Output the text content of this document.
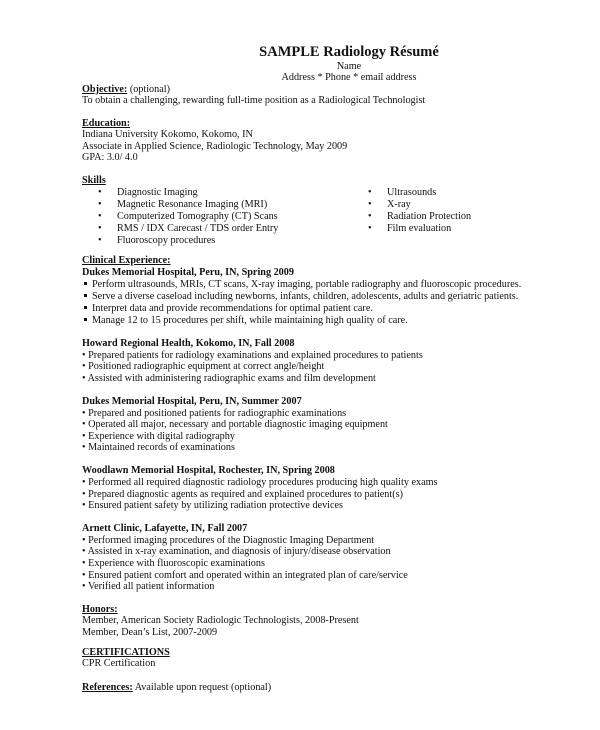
SAMPLE Radiology Résumé
Name
Address * Phone * email address
Objective: (optional)
To obtain a challenging, rewarding full-time position as a Radiological Technologist
Education:
Indiana University Kokomo, Kokomo, IN
Associate in Applied Science, Radiologic Technology, May 2009
GPA: 3.0/ 4.0
Skills
• Diagnostic Imaging
• Magnetic Resonance Imaging (MRI)
• Computerized Tomography (CT) Scans
• RMS / IDX Carecast / TDS order Entry
• Fluoroscopy procedures
• Ultrasounds
• X-ray
• Radiation Protection
• Film evaluation
Clinical Experience:
Dukes Memorial Hospital, Peru, IN, Spring 2009
Perform ultrasounds, MRIs, CT scans, X-ray imaging, portable radiography and fluoroscopic procedures.
Serve a diverse caseload including newborns, infants, children, adolescents, adults and geriatric patients.
Interpret data and provide recommendations for optimal patient care.
Manage 12 to 15 procedures per shift, while maintaining high quality of care.
Howard Regional Health, Kokomo, IN, Fall 2008
• Prepared patients for radiology examinations and explained procedures to patients
• Positioned radiographic equipment at correct angle/height
• Assisted with administering radiographic exams and film development
Dukes Memorial Hospital, Peru, IN, Summer 2007
• Prepared and positioned patients for radiographic examinations
• Operated all major, necessary and portable diagnostic imaging equipment
• Experience with digital radiography
• Maintained records of examinations
Woodlawn Memorial Hospital, Rochester, IN, Spring 2008
• Performed all required diagnostic radiology procedures producing high quality exams
• Prepared diagnostic agents as required and explained procedures to patient(s)
• Ensured patient safety by utilizing radiation protective devices
Arnett Clinic, Lafayette, IN, Fall 2007
• Performed imaging procedures of the Diagnostic Imaging Department
• Assisted in x-ray examination, and diagnosis of injury/disease observation
• Experience with fluoroscopic examinations
• Ensured patient comfort and operated within an integrated plan of care/service
• Verified all patient information
Honors:
Member, American Society Radiologic Technologists, 2008-Present
Member, Dean’s List, 2007-2009
CERTIFICATIONS
CPR Certification
References: Available upon request (optional)
